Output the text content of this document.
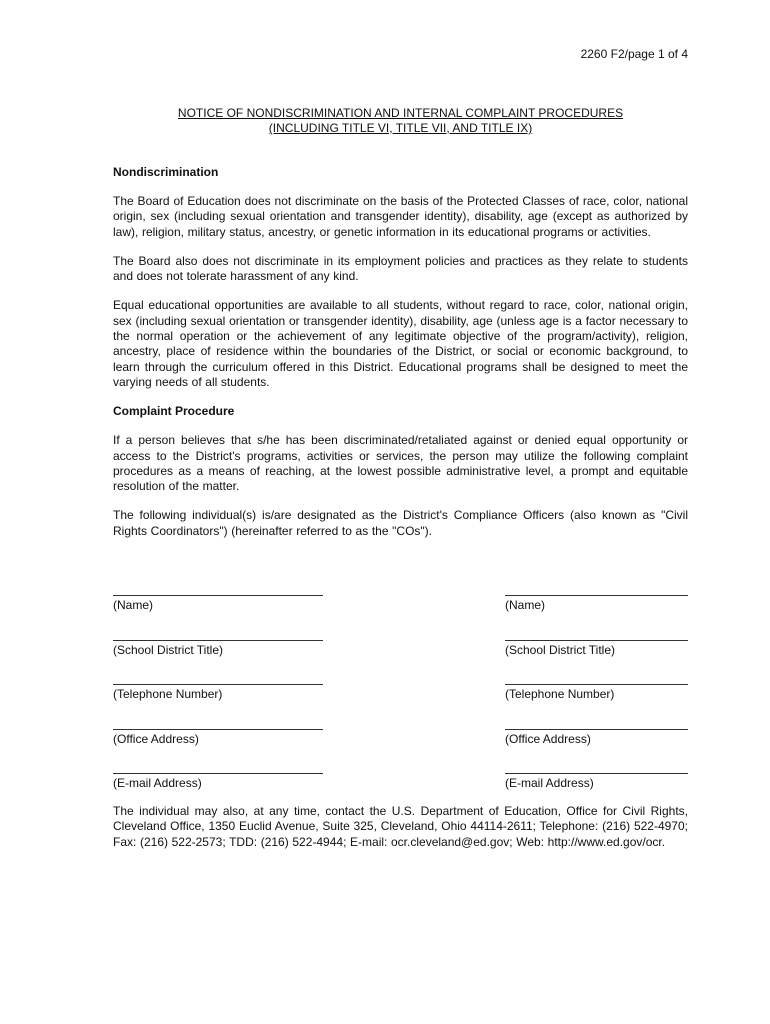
2260 F2/page 1 of 4
NOTICE OF NONDISCRIMINATION AND INTERNAL COMPLAINT PROCEDURES
(INCLUDING TITLE VI, TITLE VII, AND TITLE IX)

Nondiscrimination

The Board of Education does not discriminate on the basis of the Protected Classes of race, color, national origin, sex (including sexual orientation and transgender identity), disability, age (except as authorized by law), religion, military status, ancestry, or genetic information in its educational programs or activities.

The Board also does not discriminate in its employment policies and practices as they relate to students and does not tolerate harassment of any kind.

Equal educational opportunities are available to all students, without regard to race, color, national origin, sex (including sexual orientation or transgender identity), disability, age (unless age is a factor necessary to the normal operation or the achievement of any legitimate objective of the program/activity), religion, ancestry, place of residence within the boundaries of the District, or social or economic background, to learn through the curriculum offered in this District. Educational programs shall be designed to meet the varying needs of all students.

Complaint Procedure

If a person believes that s/he has been discriminated/retaliated against or denied equal opportunity or access to the District's programs, activities or services, the person may utilize the following complaint procedures as a means of reaching, at the lowest possible administrative level, a prompt and equitable resolution of the matter.

The following individual(s) is/are designated as the District's Compliance Officers (also known as "Civil Rights Coordinators") (hereinafter referred to as the "COs").

(Name)	(Name)
(School District Title)	(School District Title)
(Telephone Number)	(Telephone Number)
(Office Address)	(Office Address)
(E-mail Address)	(E-mail Address)

The individual may also, at any time, contact the U.S. Department of Education, Office for Civil Rights, Cleveland Office, 1350 Euclid Avenue, Suite 325, Cleveland, Ohio 44114-2611; Telephone: (216) 522-4970; Fax: (216) 522-2573; TDD: (216) 522-4944; E-mail: ocr.cleveland@ed.gov; Web: http://www.ed.gov/ocr.
